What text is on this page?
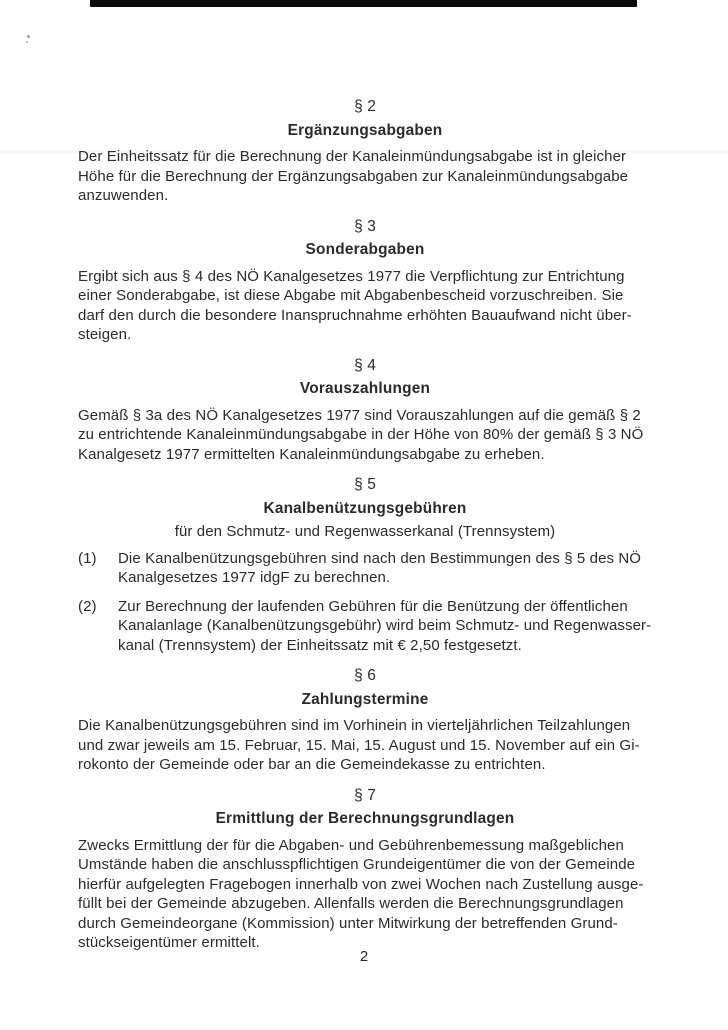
§ 2
Ergänzungsabgaben
Der Einheitssatz für die Berechnung der Kanaleinmündungsabgabe ist in gleicher
Höhe für die Berechnung der Ergänzungsabgaben zur Kanaleinmündungsabgabe
anzuwenden.
§ 3
Sonderabgaben
Ergibt sich aus § 4 des NÖ Kanalgesetzes 1977 die Verpflichtung zur Entrichtung
einer Sonderabgabe, ist diese Abgabe mit Abgabenbescheid vorzuschreiben. Sie
darf den durch die besondere Inanspruchnahme erhöhten Bauaufwand nicht über-
steigen.
§ 4
Vorauszahlungen
Gemäß § 3a des NÖ Kanalgesetzes 1977 sind Vorauszahlungen auf die gemäß § 2
zu entrichtende Kanaleinmündungsabgabe in der Höhe von 80% der gemäß § 3 NÖ
Kanalgesetz 1977 ermittelten Kanaleinmündungsabgabe zu erheben.
§ 5
Kanalbenützungsgebühren
für den Schmutz- und Regenwasserkanal (Trennsystem)
(1)	Die Kanalbenützungsgebühren sind nach den Bestimmungen des § 5 des NÖ
Kanalgesetzes 1977 idgF zu berechnen.
(2)	Zur Berechnung der laufenden Gebühren für die Benützung der öffentlichen
Kanalanlage (Kanalbenützungsgebühr) wird beim Schmutz- und Regenwasser-
kanal (Trennsystem) der Einheitssatz mit € 2,50 festgesetzt.
§ 6
Zahlungstermine
Die Kanalbenützungsgebühren sind im Vorhinein in vierteljährlichen Teilzahlungen
und zwar jeweils am 15. Februar, 15. Mai, 15. August und 15. November auf ein Gi-
rokonto der Gemeinde oder bar an die Gemeindekasse zu entrichten.
§ 7
Ermittlung der Berechnungsgrundlagen
Zwecks Ermittlung der für die Abgaben- und Gebührenbemessung maßgeblichen
Umstände haben die anschlusspflichtigen Grundeigentümer die von der Gemeinde
hierfür aufgelegten Fragebogen innerhalb von zwei Wochen nach Zustellung ausge-
füllt bei der Gemeinde abzugeben. Allenfalls werden die Berechnungsgrundlagen
durch Gemeindeorgane (Kommission) unter Mitwirkung der betreffenden Grund-
stückseigentümer ermittelt.
2
